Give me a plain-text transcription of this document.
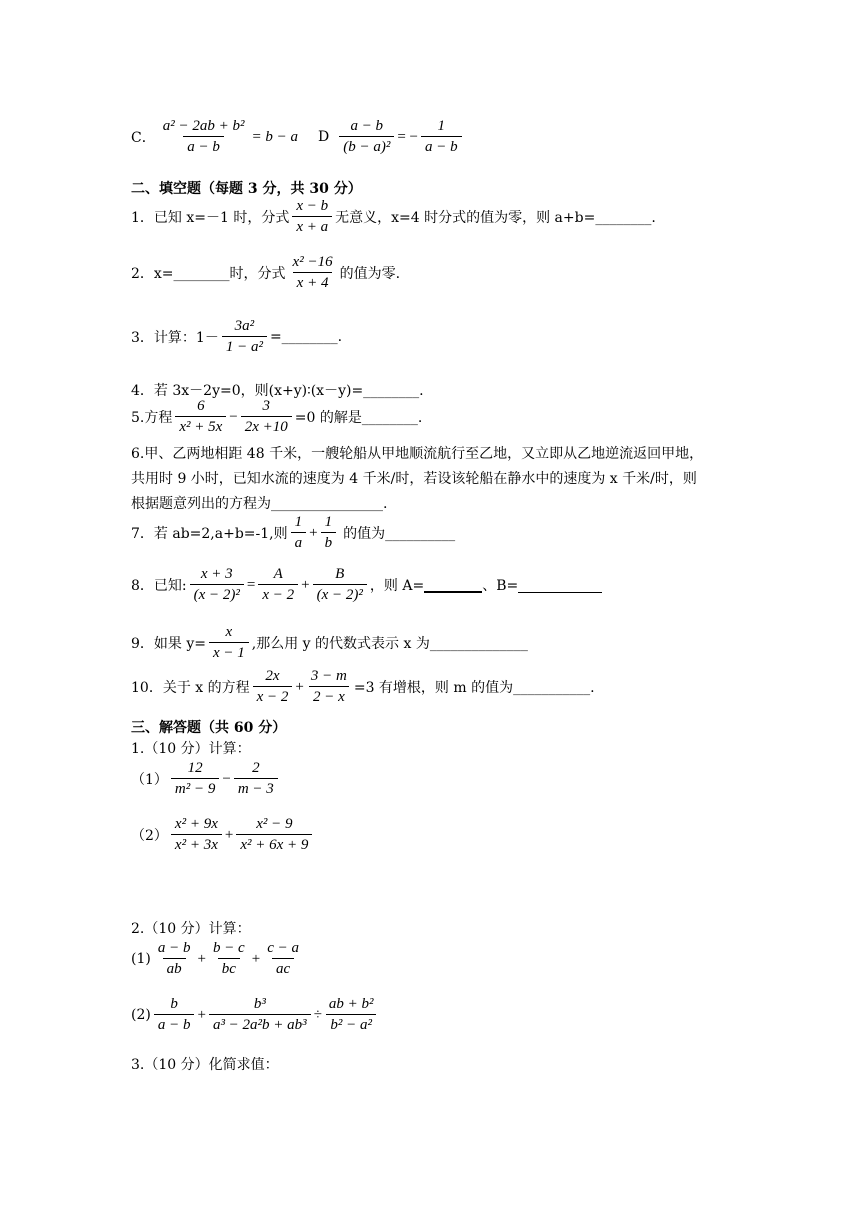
C． $\frac{\text{a² − 2ab + b²}}{a - b} = b - a$ D $\frac{a - b}{\text{(b − a)²}}$ = − $\frac{1}{a - b}$
二、填空题（每题 3 分，共 30 分）
1．已知 x=－1 时，分式 $\frac{x - b}{x + a}$ 无意义，x=4 时分式的值为零，则 a+b=________.
2．x=________时，分式 $\frac{\text{x² −16}}{x + 4}$ 的值为零.
3．计算：$1- \frac{\text{3a²}}{\text{1 − a²}}$ =________.
4．若 3x－2y=0，则(x+y)∶(x－y)=________.
5.方程 $\frac{6}{\text{x² + 5x}} - \frac{3}{2x +10} =0$ 的解是________.
6.甲、乙两地相距 48 千米，一艘轮船从甲地顺流航行至乙地，又立即从乙地逆流返回甲地，
共用时 9 小时，已知水流的速度为 4 千米/时，若设该轮船在静水中的速度为 x 千米/时，则
根据题意列出的方程为________________.
7．若 ab=2,a+b=-1,则 $\frac{1}{a} + \frac{1}{b}$ 的值为__________
8．已知: $\frac{x + 3}{\text{(x − 2)²}} = \frac{A}{x - 2} + \frac{B}{\text{(x − 2)²}}$ ，则 A=	、B=
9．如果 $y= \frac{x}{x - 1}$ ,那么用 y 的代数式表示 x 为______________
10．关于 x 的方程 $\frac{2x}{x - 2} + \frac{3 - m}{2 - x} =3$ 有增根，则 m 的值为___________.
三、解答题（共 60 分）
1.（10 分）计算：
$(1) \frac{12}{\text{m² − 9}} - \frac{2}{m - 3}$
$(2) \frac{\text{x² + 9x}}{\text{x² + 3x}} + \frac{\text{x² − 9}}{\text{x² + 6x + 9}}$
2.（10 分）计算：
$(1) \frac{a - b}{ab} + \frac{b - c}{bc} + \frac{c - a}{ac}$
$(2) \frac{b}{a - b} + \frac{\text{b³}}{\text{a³ − 2a²b + ab³}} \div \frac{\text{ab + b²}}{\text{b² − a²}}$
3.（10 分）化简求值：
